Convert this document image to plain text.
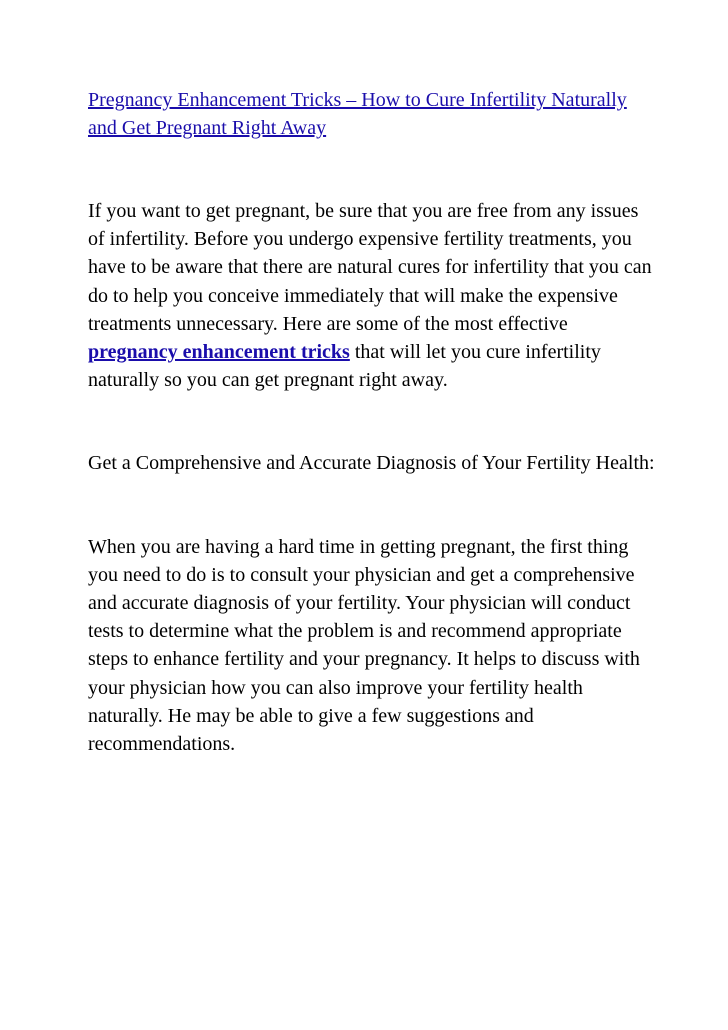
Pregnancy Enhancement Tricks – How to Cure Infertility Naturally and Get Pregnant Right Away

If you want to get pregnant, be sure that you are free from any issues of infertility. Before you undergo expensive fertility treatments, you have to be aware that there are natural cures for infertility that you can do to help you conceive immediately that will make the expensive treatments unnecessary. Here are some of the most effective pregnancy enhancement tricks that will let you cure infertility naturally so you can get pregnant right away.

Get a Comprehensive and Accurate Diagnosis of Your Fertility Health:

When you are having a hard time in getting pregnant, the first thing you need to do is to consult your physician and get a comprehensive and accurate diagnosis of your fertility. Your physician will conduct tests to determine what the problem is and recommend appropriate steps to enhance fertility and your pregnancy. It helps to discuss with your physician how you can also improve your fertility health naturally. He may be able to give a few suggestions and recommendations.
